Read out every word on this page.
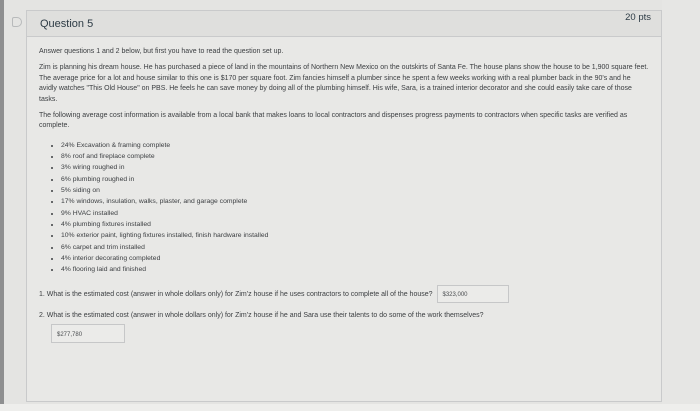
Question 5	20 pts

Answer questions 1 and 2 below, but first you have to read the question set up.

Zim is planning his dream house. He has purchased a piece of land in the mountains of Northern New Mexico on the outskirts of Santa Fe. The house plans show the house to be 1,900 square feet. The average price for a lot and house similar to this one is $170 per square foot. Zim fancies himself a plumber since he spent a few weeks working with a real plumber back in the 90's and he avidly watches "This Old House" on PBS. He feels he can save money by doing all of the plumbing himself. His wife, Sara, is a trained interior decorator and she could easily take care of those tasks.

The following average cost information is available from a local bank that makes loans to local contractors and dispenses progress payments to contractors when specific tasks are verified as complete.

• 24% Excavation & framing complete
• 8% roof and fireplace complete
• 3% wiring roughed in
• 6% plumbing roughed in
• 5% siding on
• 17% windows, insulation, walks, plaster, and garage complete
• 9% HVAC installed
• 4% plumbing fixtures installed
• 10% exterior paint, lighting fixtures installed, finish hardware installed
• 6% carpet and trim installed
• 4% interior decorating completed
• 4% flooring laid and finished
1. What is the estimated cost (answer in whole dollars only) for Zim'z house if he uses contractors to complete all of the house? $323,000
2. What is the estimated cost (answer in whole dollars only) for Zim'z house if he and Sara use their talents to do some of the work themselves?
$277,780
